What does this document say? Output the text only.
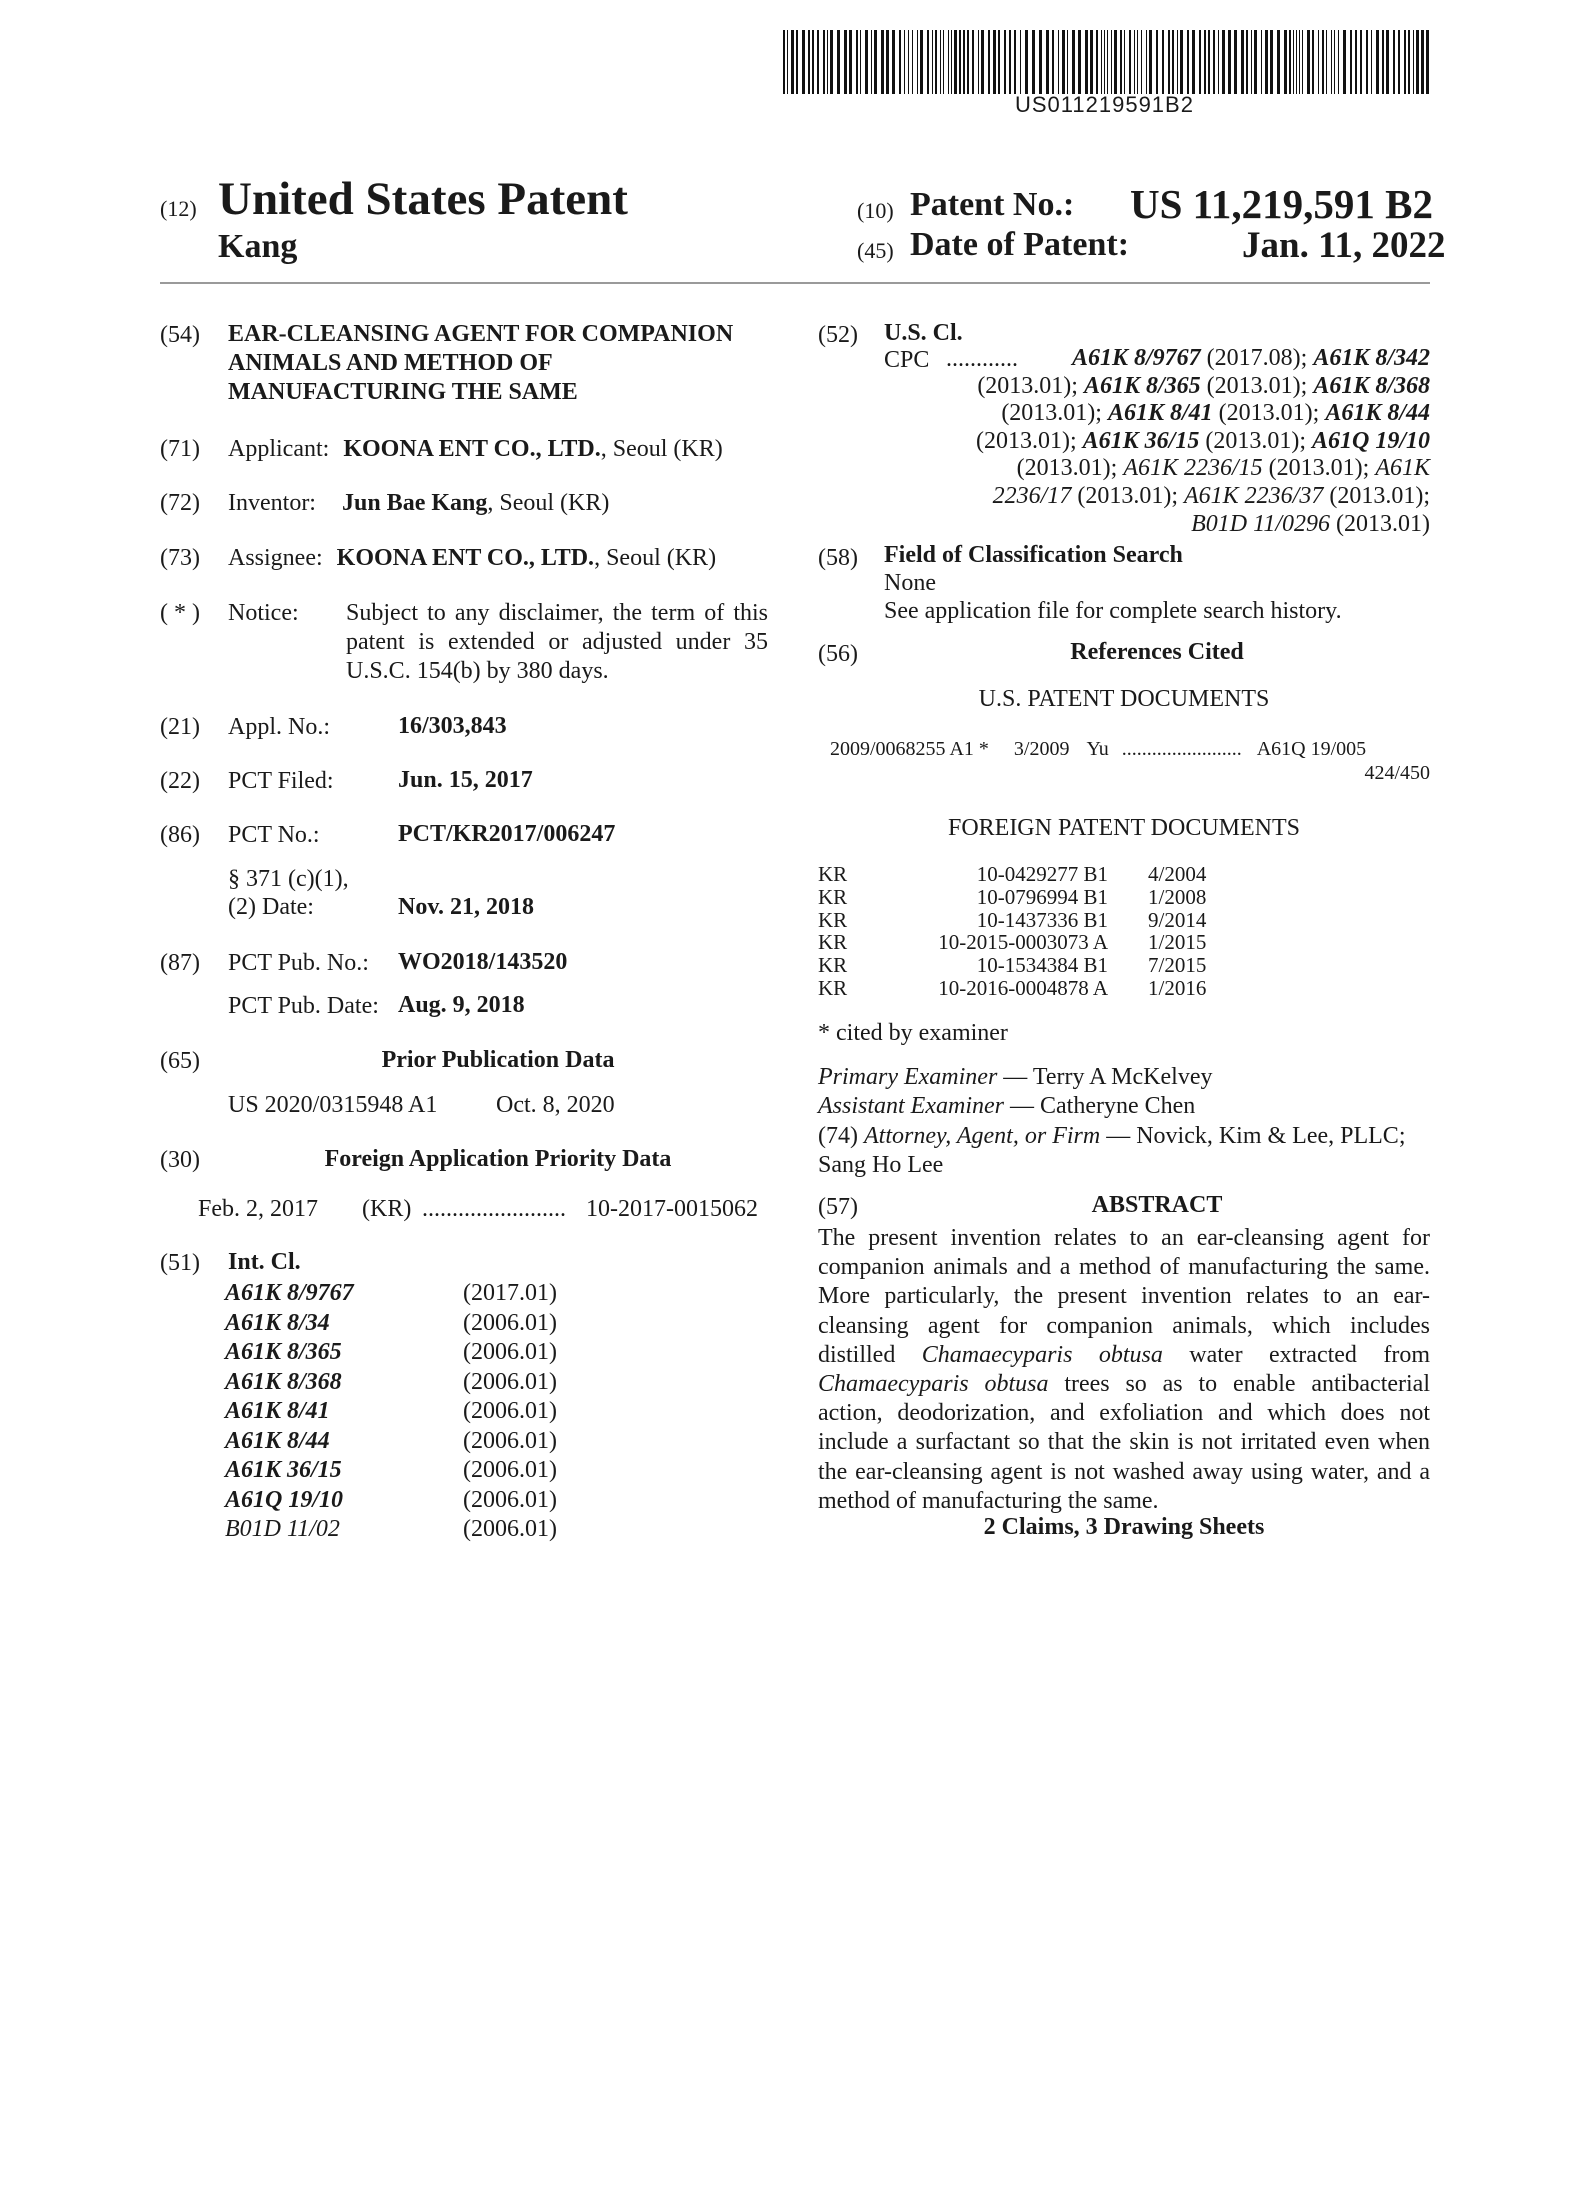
US011219591B2
(12) United States Patent
Kang
(10) Patent No.: US 11,219,591 B2
(45) Date of Patent:	Jan. 11, 2022
(54) EAR-CLEANSING AGENT FOR COMPANION ANIMALS AND METHOD OF MANUFACTURING THE SAME
(71) Applicant: KOONA ENT CO., LTD., Seoul (KR)
(72) Inventor: Jun Bae Kang, Seoul (KR)
(73) Assignee: KOONA ENT CO., LTD., Seoul (KR)
( * ) Notice: Subject to any disclaimer, the term of this patent is extended or adjusted under 35 U.S.C. 154(b) by 380 days.
(21) Appl. No.:	16/303,843
(22) PCT Filed:	Jun. 15, 2017
(86) PCT No.:	PCT/KR2017/006247
§ 371 (c)(1),
(2) Date:	Nov. 21, 2018
(87) PCT Pub. No.: WO2018/143520
PCT Pub. Date: Aug. 9, 2018
(65)	Prior Publication Data
US 2020/0315948 A1 Oct. 8, 2020
(30)	Foreign Application Priority Data
Feb. 2, 2017 (KR) ........................ 10-2017-0015062
(51) Int. Cl.
A61K 8/9767	(2017.01)
A61K 8/34	(2006.01)
A61K 8/365	(2006.01)
A61K 8/368	(2006.01)
A61K 8/41	(2006.01)
A61K 8/44	(2006.01)
A61K 36/15	(2006.01)
A61Q 19/10	(2006.01)
B01D 11/02	(2006.01)
(52) U.S. Cl.
CPC ............	A61K 8/9767 (2017.08); A61K 8/342 (2013.01); A61K 8/365 (2013.01); A61K 8/368 (2013.01); A61K 8/41 (2013.01); A61K 8/44 (2013.01); A61K 36/15 (2013.01); A61Q 19/10 (2013.01); A61K 2236/15 (2013.01); A61K 2236/17 (2013.01); A61K 2236/37 (2013.01); B01D 11/0296 (2013.01)
(58) Field of Classification Search
None
See application file for complete search history.
(56)	References Cited
U.S. PATENT DOCUMENTS
2009/0068255 A1 * 3/2009 Yu ........................ A61Q 19/005
424/450
FOREIGN PATENT DOCUMENTS
KR	10-0429277 B1 4/2004
KR	10-0796994 B1 1/2008
KR	10-1437336 B1 9/2014
KR	10-2015-0003073 A 1/2015
KR	10-1534384 B1 7/2015
KR	10-2016-0004878 A 1/2016
* cited by examiner
Primary Examiner — Terry A McKelvey
Assistant Examiner — Catheryne Chen
(74) Attorney, Agent, or Firm — Novick, Kim & Lee, PLLC; Sang Ho Lee
(57)	ABSTRACT
The present invention relates to an ear-cleansing agent for companion animals and a method of manufacturing the same. More particularly, the present invention relates to an ear-cleansing agent for companion animals, which includes distilled Chamaecyparis obtusa water extracted from Chamaecyparis obtusa trees so as to enable antibacterial action, deodorization, and exfoliation and which does not include a surfactant so that the skin is not irritated even when the ear-cleansing agent is not washed away using water, and a method of manufacturing the same.
2 Claims, 3 Drawing Sheets
